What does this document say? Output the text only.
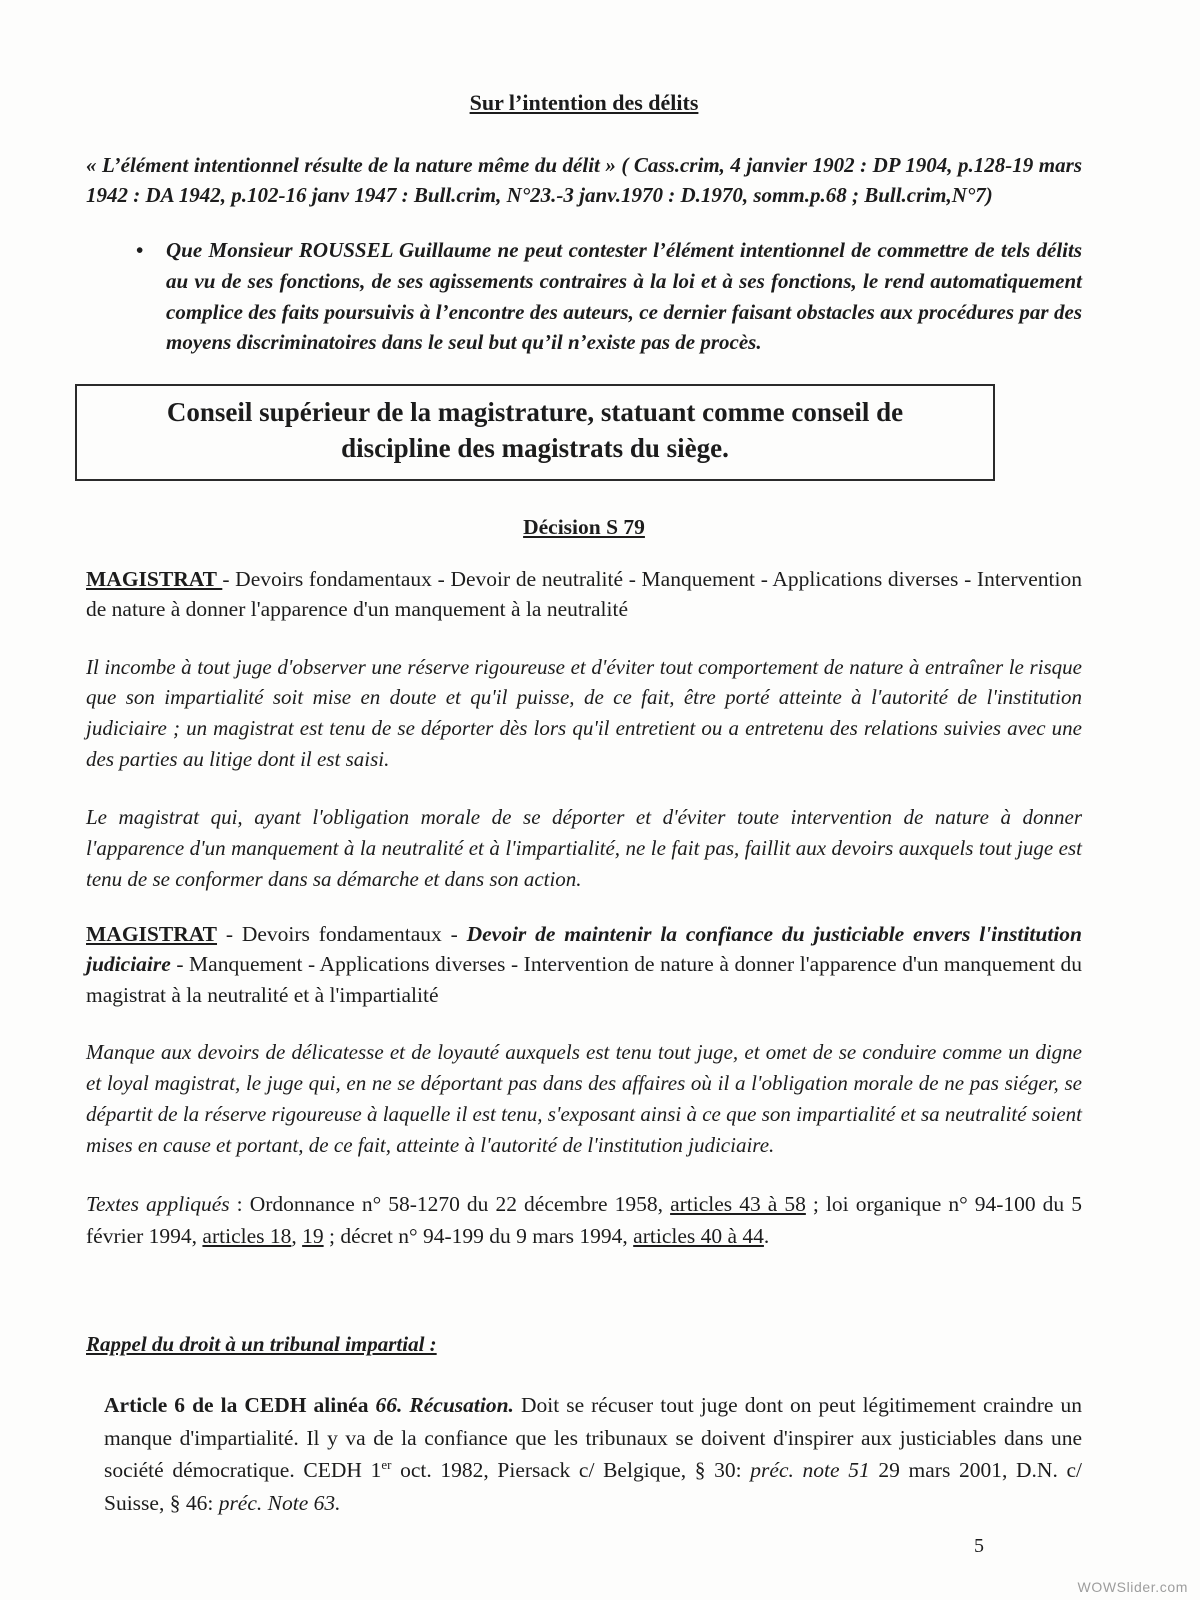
Sur l’intention des délits

« L’élément intentionnel résulte de la nature même du délit » ( Cass.crim, 4 janvier 1902 : DP 1904, p.128-19 mars 1942 : DA 1942, p.102-16 janv 1947 : Bull.crim, N°23.-3 janv.1970 : D.1970, somm.p.68 ; Bull.crim,N°7)

•	Que Monsieur ROUSSEL Guillaume ne peut contester l’élément intentionnel de commettre de tels délits au vu de ses fonctions, de ses agissements contraires à la loi et à ses fonctions, le rend automatiquement complice des faits poursuivis à l’encontre des auteurs, ce dernier faisant obstacles aux procédures par des moyens discriminatoires dans le seul but qu’il n’existe pas de procès.

Conseil supérieur de la magistrature, statuant comme conseil de discipline des magistrats du siège.
Décision S 79

MAGISTRAT - Devoirs fondamentaux - Devoir de neutralité - Manquement - Applications diverses - Intervention de nature à donner l'apparence d'un manquement à la neutralité

Il incombe à tout juge d'observer une réserve rigoureuse et d'éviter tout comportement de nature à entraîner le risque que son impartialité soit mise en doute et qu'il puisse, de ce fait, être porté atteinte à l'autorité de l'institution judiciaire ; un magistrat est tenu de se déporter dès lors qu'il entretient ou a entretenu des relations suivies avec une des parties au litige dont il est saisi.

Le magistrat qui, ayant l'obligation morale de se déporter et d'éviter toute intervention de nature à donner l'apparence d'un manquement à la neutralité et à l'impartialité, ne le fait pas, faillit aux devoirs auxquels tout juge est tenu de se conformer dans sa démarche et dans son action.

MAGISTRAT - Devoirs fondamentaux - Devoir de maintenir la confiance du justiciable envers l'institution judiciaire - Manquement - Applications diverses - Intervention de nature à donner l'apparence d'un manquement du magistrat à la neutralité et à l'impartialité

Manque aux devoirs de délicatesse et de loyauté auxquels est tenu tout juge, et omet de se conduire comme un digne et loyal magistrat, le juge qui, en ne se déportant pas dans des affaires où il a l'obligation morale de ne pas siéger, se départit de la réserve rigoureuse à laquelle il est tenu, s'exposant ainsi à ce que son impartialité et sa neutralité soient mises en cause et portant, de ce fait, atteinte à l'autorité de l'institution judiciaire.

Textes appliqués : Ordonnance n° 58-1270 du 22 décembre 1958, articles 43 à 58 ; loi organique n° 94-100 du 5 février 1994, articles 18, 19 ; décret n° 94-199 du 9 mars 1994, articles 40 à 44.

Rappel du droit à un tribunal impartial :

Article 6 de la CEDH alinéa 66. Récusation. Doit se récuser tout juge dont on peut légitimement craindre un manque d'impartialité. Il y va de la confiance que les tribunaux se doivent d'inspirer aux justiciables dans une société démocratique. CEDH 1er oct. 1982, Piersack c/ Belgique, § 30: préc. note 51 29 mars 2001, D.N. c/ Suisse, § 46: préc. Note 63.

5
WOWSlider.com
